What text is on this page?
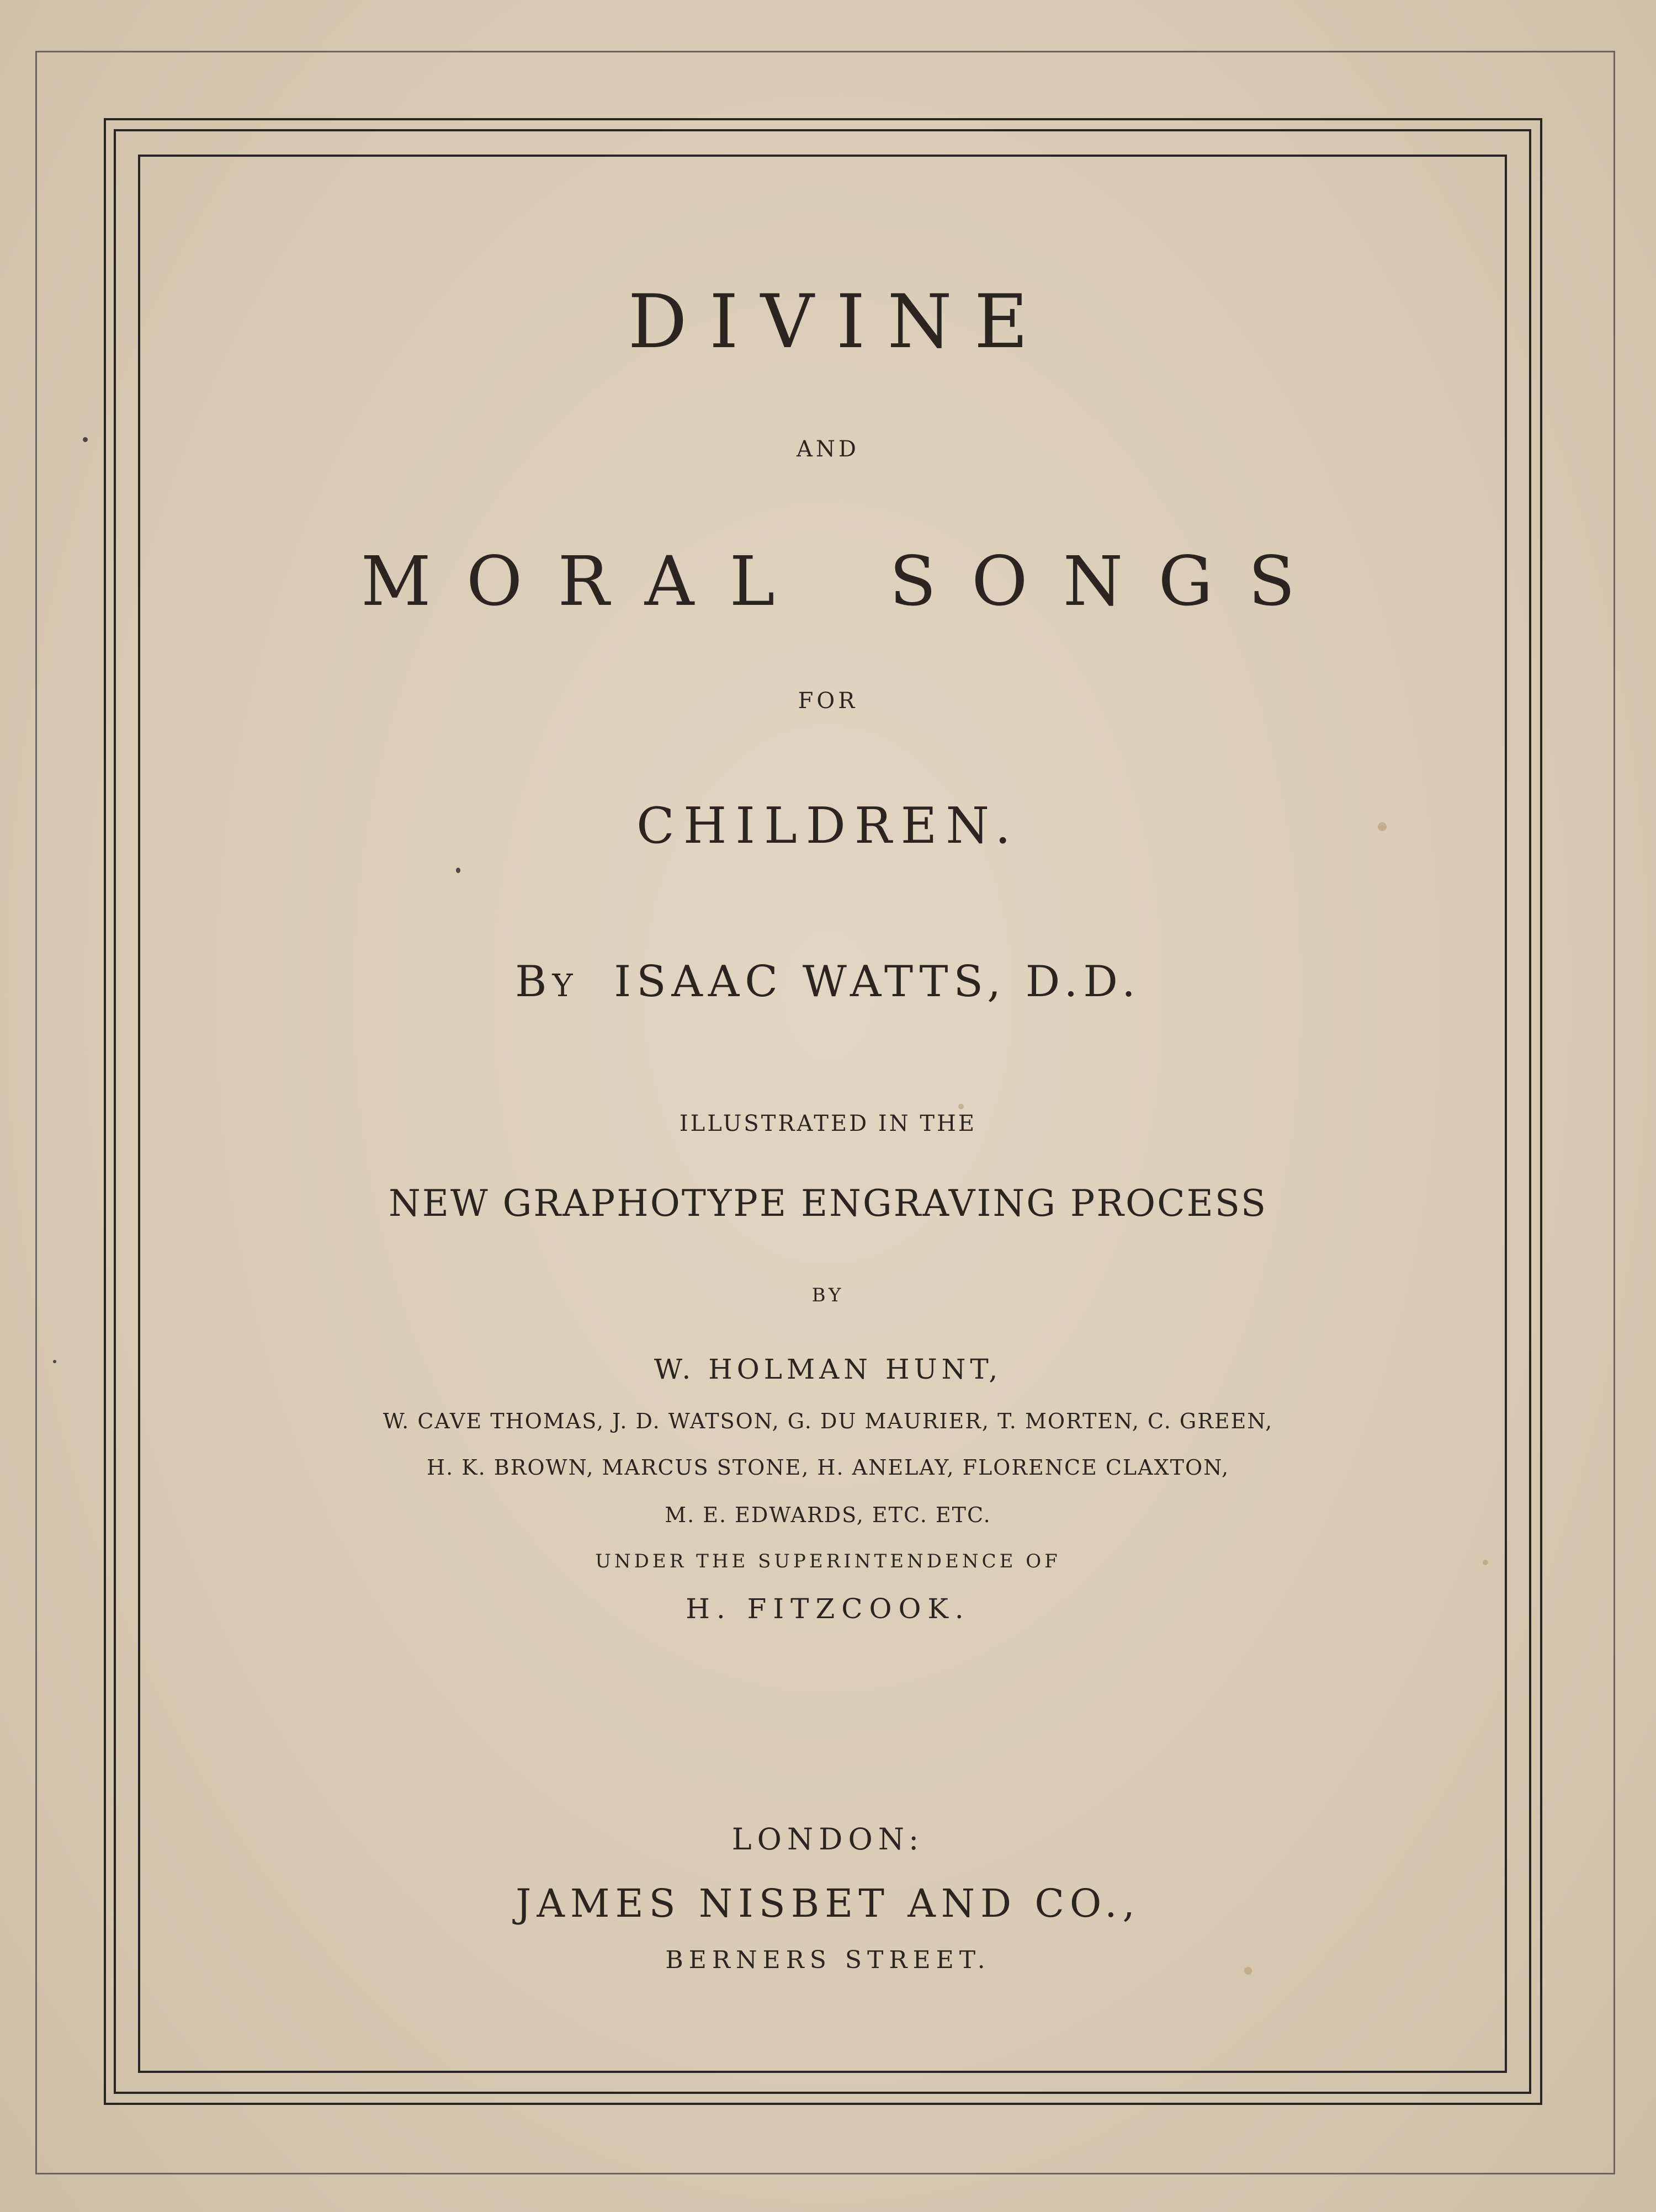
DIVINE
AND
MORAL SONGS
FOR
CHILDREN.
BY ISAAC WATTS, D.D.
ILLUSTRATED IN THE
NEW GRAPHOTYPE ENGRAVING PROCESS
BY
W. HOLMAN HUNT,
W. CAVE THOMAS, J. D. WATSON, G. DU MAURIER, T. MORTEN, C. GREEN,
H. K. BROWN, MARCUS STONE, H. ANELAY, FLORENCE CLAXTON,
M. E. EDWARDS, ETC. ETC.
UNDER THE SUPERINTENDENCE OF
H. FITZCOOK.
LONDON:
JAMES NISBET AND CO.,
BERNERS STREET.
